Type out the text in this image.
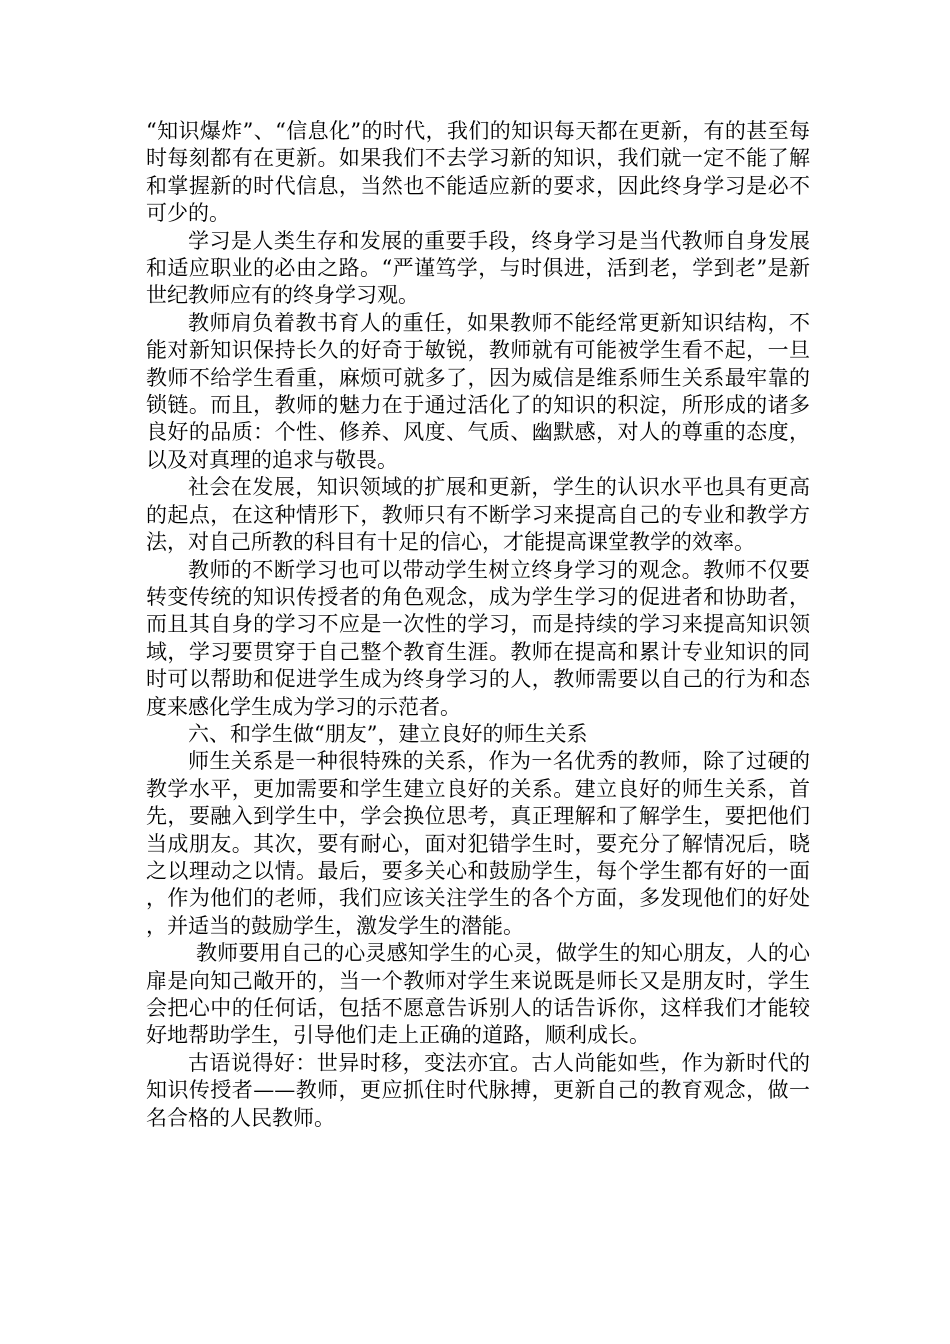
“知识爆炸”、“信息化”的时代，我们的知识每天都在更新，有的甚至每时每刻都有在更新。如果我们不去学习新的知识，我们就一定不能了解和掌握新的时代信息，当然也不能适应新的要求，因此终身学习是必不可少的。

学习是人类生存和发展的重要手段，终身学习是当代教师自身发展和适应职业的必由之路。“严谨笃学，与时俱进，活到老，学到老”是新世纪教师应有的终身学习观。

教师肩负着教书育人的重任，如果教师不能经常更新知识结构，不能对新知识保持长久的好奇于敏锐，教师就有可能被学生看不起，一旦教师不给学生看重，麻烦可就多了，因为威信是维系师生关系最牢靠的锁链。而且，教师的魅力在于通过活化了的知识的积淀，所形成的诸多良好的品质：个性、修养、风度、气质、幽默感，对人的尊重的态度，以及对真理的追求与敬畏。

社会在发展，知识领域的扩展和更新，学生的认识水平也具有更高的起点，在这种情形下，教师只有不断学习来提高自己的专业和教学方法，对自己所教的科目有十足的信心，才能提高课堂教学的效率。

教师的不断学习也可以带动学生树立终身学习的观念。教师不仅要转变传统的知识传授者的角色观念，成为学生学习的促进者和协助者，而且其自身的学习不应是一次性的学习，而是持续的学习来提高知识领域，学习要贯穿于自己整个教育生涯。教师在提高和累计专业知识的同时可以帮助和促进学生成为终身学习的人，教师需要以自己的行为和态度来感化学生成为学习的示范者。

六、和学生做“朋友”，建立良好的师生关系

师生关系是一种很特殊的关系，作为一名优秀的教师，除了过硬的教学水平，更加需要和学生建立良好的关系。建立良好的师生关系，首先，要融入到学生中，学会换位思考，真正理解和了解学生，要把他们当成朋友。其次，要有耐心，面对犯错学生时，要充分了解情况后，晓之以理动之以情。最后，要多关心和鼓励学生，每个学生都有好的一面，作为他们的老师，我们应该关注学生的各个方面，多发现他们的好处，并适当的鼓励学生，激发学生的潜能。

教师要用自己的心灵感知学生的心灵，做学生的知心朋友，人的心扉是向知己敞开的，当一个教师对学生来说既是师长又是朋友时，学生会把心中的任何话，包括不愿意告诉别人的话告诉你，这样我们才能较好地帮助学生，引导他们走上正确的道路，顺利成长。

古语说得好：世异时移，变法亦宜。古人尚能如些，作为新时代的知识传授者——教师，更应抓住时代脉搏，更新自己的教育观念，做一名合格的人民教师。
